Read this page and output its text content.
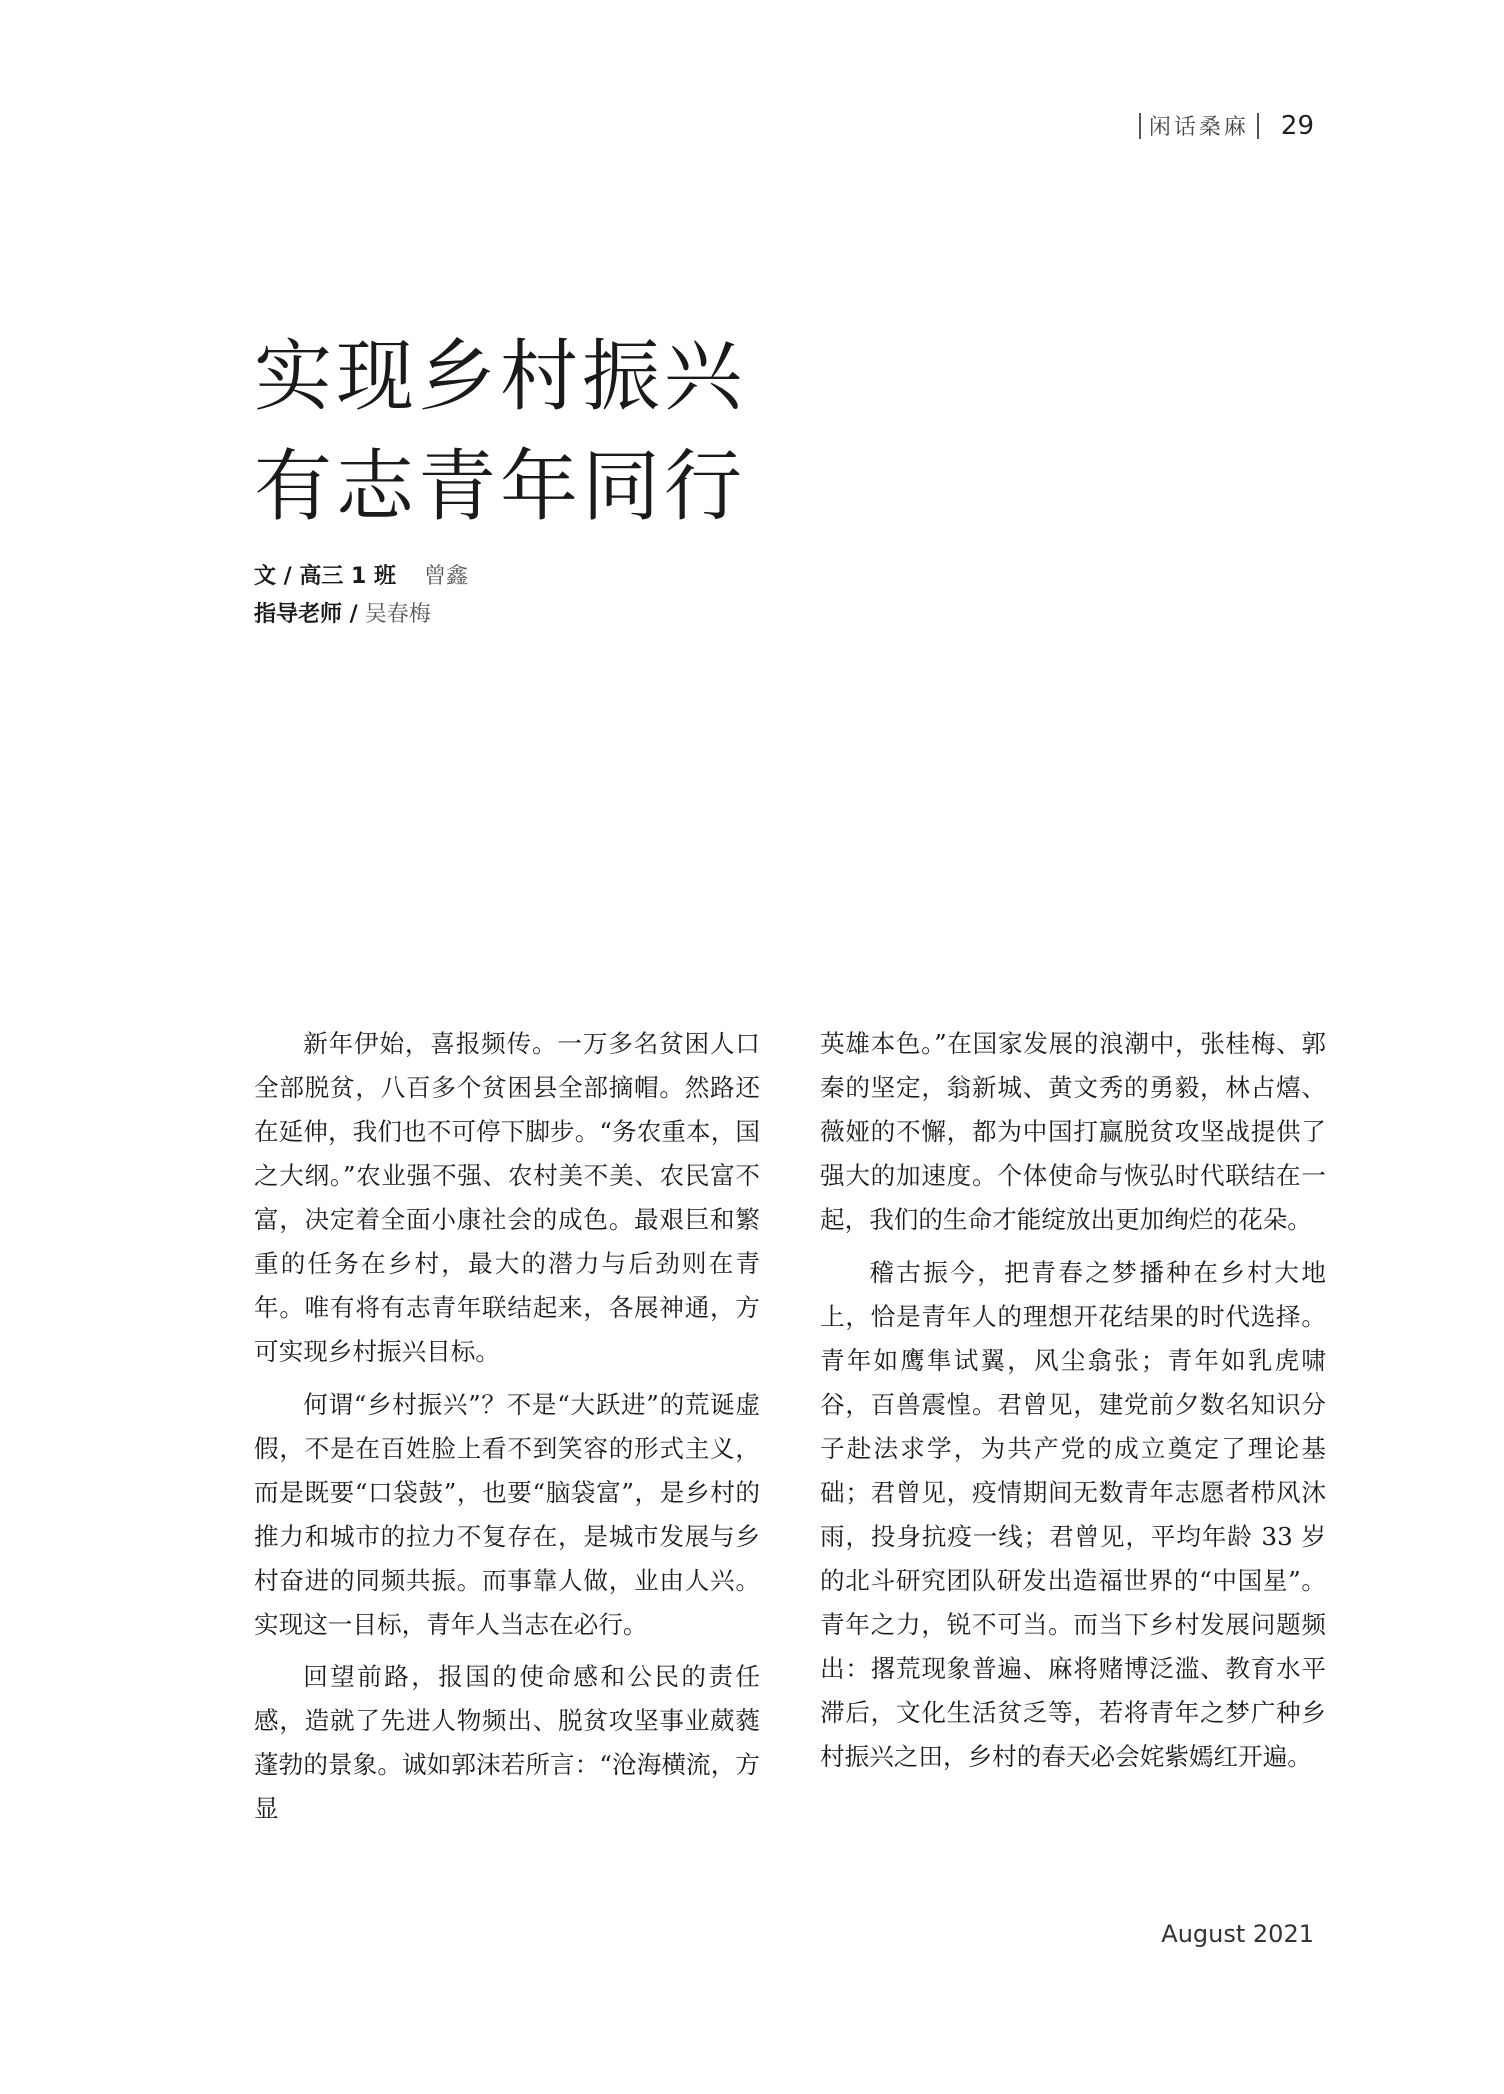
闲话桑麻 29
实现乡村振兴
有志青年同行
文 / 高三 1 班 曾鑫
指导老师 / 吴春梅

新年伊始，喜报频传。一万多名贫困人口全部脱贫，八百多个贫困县全部摘帽。然路还在延伸，我们也不可停下脚步。“务农重本，国之大纲。”农业强不强、农村美不美、农民富不富，决定着全面小康社会的成色。最艰巨和繁重的任务在乡村，最大的潜力与后劲则在青年。唯有将有志青年联结起来，各展神通，方可实现乡村振兴目标。

何谓“乡村振兴”？不是“大跃进”的荒诞虚假，不是在百姓脸上看不到笑容的形式主义，而是既要“口袋鼓”，也要“脑袋富”，是乡村的推力和城市的拉力不复存在，是城市发展与乡村奋进的同频共振。而事靠人做，业由人兴。实现这一目标，青年人当志在必行。

回望前路，报国的使命感和公民的责任感，造就了先进人物频出、脱贫攻坚事业葳蕤蓬勃的景象。诚如郭沫若所言：“沧海横流，方显

英雄本色。”在国家发展的浪潮中，张桂梅、郭秦的坚定，翁新城、黄文秀的勇毅，林占熺、薇娅的不懈，都为中国打赢脱贫攻坚战提供了强大的加速度。个体使命与恢弘时代联结在一起，我们的生命才能绽放出更加绚烂的花朵。

稽古振今，把青春之梦播种在乡村大地上，恰是青年人的理想开花结果的时代选择。青年如鹰隼试翼，风尘翕张；青年如乳虎啸谷，百兽震惶。君曾见，建党前夕数名知识分子赴法求学，为共产党的成立奠定了理论基础；君曾见，疫情期间无数青年志愿者栉风沐雨，投身抗疫一线；君曾见，平均年龄 33 岁的北斗研究团队研发出造福世界的“中国星”。青年之力，锐不可当。而当下乡村发展问题频出：撂荒现象普遍、麻将赌博泛滥、教育水平滞后，文化生活贫乏等，若将青年之梦广种乡村振兴之田，乡村的春天必会姹紫嫣红开遍。

August 2021
